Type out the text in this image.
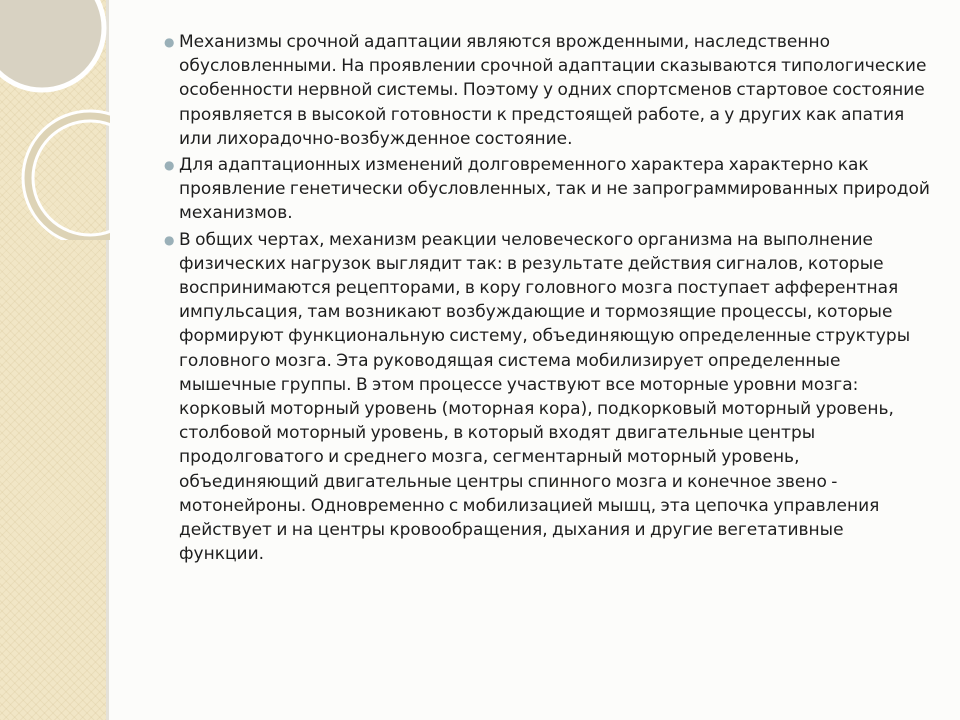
● Механизмы срочной адаптации являются врожденными, наследственно обусловленными. На проявлении срочной адаптации сказываются типологические особенности нервной системы. Поэтому у одних спортсменов стартовое состояние проявляется в высокой готовности к предстоящей работе, а у других как апатия или лихорадочно-возбужденное состояние.

● Для адаптационных изменений долговременного характера характерно как проявление генетически обусловленных, так и не запрограммированных природой механизмов.

● В общих чертах, механизм реакции человеческого организма на выполнение физических нагрузок выглядит так: в результате действия сигналов, которые воспринимаются рецепторами, в кору головного мозга поступает афферентная импульсация, там возникают возбуждающие и тормозящие процессы, которые формируют функциональную систему, объединяющую определенные структуры головного мозга. Эта руководящая система мобилизирует определенные мышечные группы. В этом процессе участвуют все моторные уровни мозга: корковый моторный уровень (моторная кора), подкорковый моторный уровень, столбовой моторный уровень, в который входят двигательные центры продолговатого и среднего мозга, сегментарный моторный уровень, объединяющий двигательные центры спинного мозга и конечное звено - мотонейроны. Одновременно с мобилизацией мышц, эта цепочка управления действует и на центры кровообращения, дыхания и другие вегетативные функции.
